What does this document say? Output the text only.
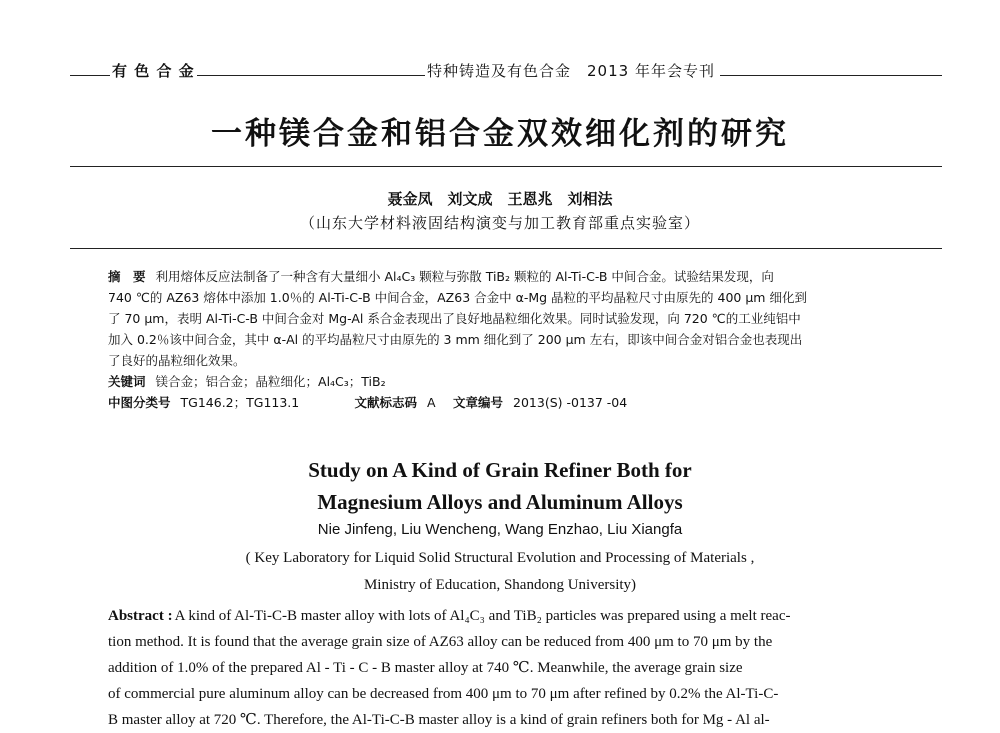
有 色 合 金	特种铸造及有色合金　2013 年年会专刊
一种镁合金和铝合金双效细化剂的研究
聂金凤　刘文成　王恩兆　刘相法
（山东大学材料液固结构演变与加工教育部重点实验室）
摘　要 利用熔体反应法制备了一种含有大量细小 Al₄C₃ 颗粒与弥散 TiB₂ 颗粒的 Al-Ti-C-B 中间合金。试验结果发现，向
740 ℃的 AZ63 熔体中添加 1.0％的 Al-Ti-C-B 中间合金，AZ63 合金中 α-Mg 晶粒的平均晶粒尺寸由原先的 400 μm 细化到
了 70 μm，表明 Al-Ti-C-B 中间合金对 Mg-Al 系合金表现出了良好地晶粒细化效果。同时试验发现，向 720 ℃的工业纯铝中
加入 0.2％该中间合金，其中 α-Al 的平均晶粒尺寸由原先的 3 mm 细化到了 200 μm 左右，即该中间合金对铝合金也表现出
了良好的晶粒细化效果。
关键词 镁合金；铝合金；晶粒细化；Al₄C₃；TiB₂
中图分类号 TG146.2；TG113.1	文献标志码 A 文章编号 2013(S) -0137 -04
Study on A Kind of Grain Refiner Both for
Magnesium Alloys and Aluminum Alloys
Nie Jinfeng, Liu Wencheng, Wang Enzhao, Liu Xiangfa
( Key Laboratory for Liquid Solid Structural Evolution and Processing of Materials ,
Ministry of Education, Shandong University)
Abstract : A kind of Al-Ti-C-B master alloy with lots of Al₄C₃ and TiB₂ particles was prepared using a melt reac-
tion method. It is found that the average grain size of AZ63 alloy can be reduced from 400 μm to 70 μm by the
addition of 1.0% of the prepared Al - Ti - C - B master alloy at 740 ℃. Meanwhile, the average grain size
of commercial pure aluminum alloy can be decreased from 400 μm to 70 μm after refined by 0.2% the Al-Ti-C-
B master alloy at 720 ℃. Therefore, the Al-Ti-C-B master alloy is a kind of grain refiners both for Mg - Al al-
